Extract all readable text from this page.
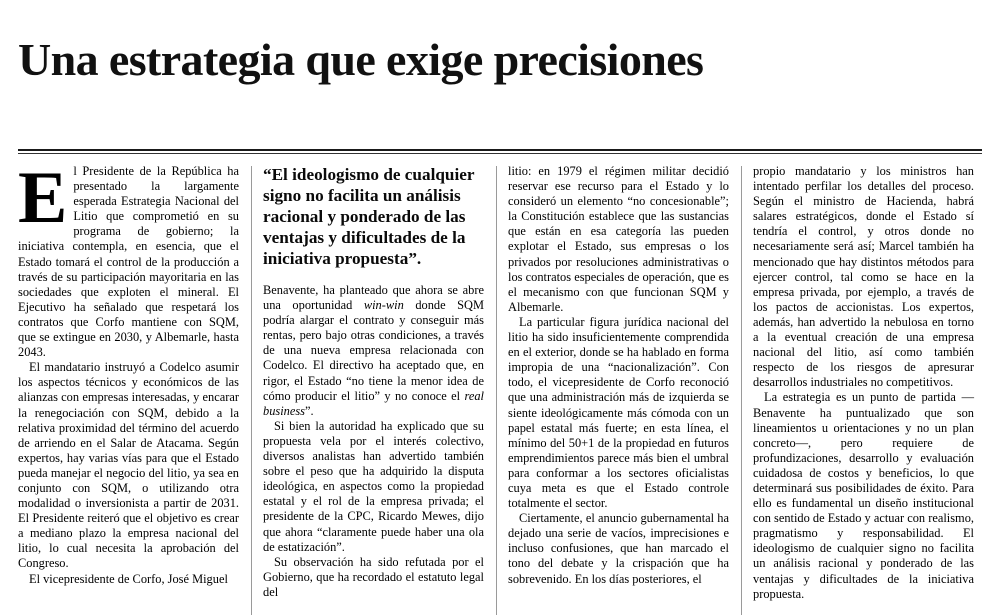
Una estrategia que exige precisiones

El Presidente de la República ha presentado la largamente esperada Estrategia Nacional del Litio que comprometió en su programa de gobierno; la iniciativa contempla, en esencia, que el Estado tomará el control de la producción a través de su participación mayoritaria en las sociedades que exploten el mineral. El Ejecutivo ha señalado que respetará los contratos que Corfo mantiene con SQM, que se extingue en 2030, y Albemarle, hasta 2043.

El mandatario instruyó a Codelco asumir los aspectos técnicos y económicos de las alianzas con empresas interesadas, y encarar la renegociación con SQM, debido a la relativa proximidad del término del acuerdo de arriendo en el Salar de Atacama. Según expertos, hay varias vías para que el Estado pueda manejar el negocio del litio, ya sea en conjunto con SQM, o utilizando otra modalidad o inversionista a partir de 2031. El Presidente reiteró que el objetivo es crear a mediano plazo la empresa nacional del litio, lo cual necesita la aprobación del Congreso.

El vicepresidente de Corfo, José Miguel

“El ideologismo de cualquier signo no facilita un análisis racional y ponderado de las ventajas y dificultades de la iniciativa propuesta”.

Benavente, ha planteado que ahora se abre una oportunidad win-win donde SQM podría alargar el contrato y conseguir más rentas, pero bajo otras condiciones, a través de una nueva empresa relacionada con Codelco. El directivo ha aceptado que, en rigor, el Estado “no tiene la menor idea de cómo producir el litio” y no conoce el real business”.

Si bien la autoridad ha explicado que su propuesta vela por el interés colectivo, diversos analistas han advertido también sobre el peso que ha adquirido la disputa ideológica, en aspectos como la propiedad estatal y el rol de la empresa privada; el presidente de la CPC, Ricardo Mewes, dijo que ahora “claramente puede haber una ola de estatización”.

Su observación ha sido refutada por el Gobierno, que ha recordado el estatuto legal del

litio: en 1979 el régimen militar decidió reservar ese recurso para el Estado y lo consideró un elemento “no concesionable”; la Constitución establece que las sustancias que están en esa categoría las pueden explotar el Estado, sus empresas o los privados por resoluciones administrativas o los contratos especiales de operación, que es el mecanismo con que funcionan SQM y Albemarle.

La particular figura jurídica nacional del litio ha sido insuficientemente comprendida en el exterior, donde se ha hablado en forma impropia de una “nacionalización”. Con todo, el vicepresidente de Corfo reconoció que una administración más de izquierda se siente ideológicamente más cómoda con un papel estatal más fuerte; en esta línea, el mínimo del 50+1 de la propiedad en futuros emprendimientos parece más bien el umbral para conformar a los sectores oficialistas cuya meta es que el Estado controle totalmente el sector.

Ciertamente, el anuncio gubernamental ha dejado una serie de vacíos, imprecisiones e incluso confusiones, que han marcado el tono del debate y la crispación que ha sobrevenido. En los días posteriores, el

propio mandatario y los ministros han intentado perfilar los detalles del proceso. Según el ministro de Hacienda, habrá salares estratégicos, donde el Estado sí tendría el control, y otros donde no necesariamente será así; Marcel también ha mencionado que hay distintos métodos para ejercer control, tal como se hace en la empresa privada, por ejemplo, a través de los pactos de accionistas. Los expertos, además, han advertido la nebulosa en torno a la eventual creación de una empresa nacional del litio, así como también respecto de los riesgos de apresurar desarrollos industriales no competitivos.

La estrategia es un punto de partida —Benavente ha puntualizado que son lineamientos u orientaciones y no un plan concreto—, pero requiere de profundizaciones, desarrollo y evaluación cuidadosa de costos y beneficios, lo que determinará sus posibilidades de éxito. Para ello es fundamental un diseño institucional con sentido de Estado y actuar con realismo, pragmatismo y responsabilidad. El ideologismo de cualquier signo no facilita un análisis racional y ponderado de las ventajas y dificultades de la iniciativa propuesta.
